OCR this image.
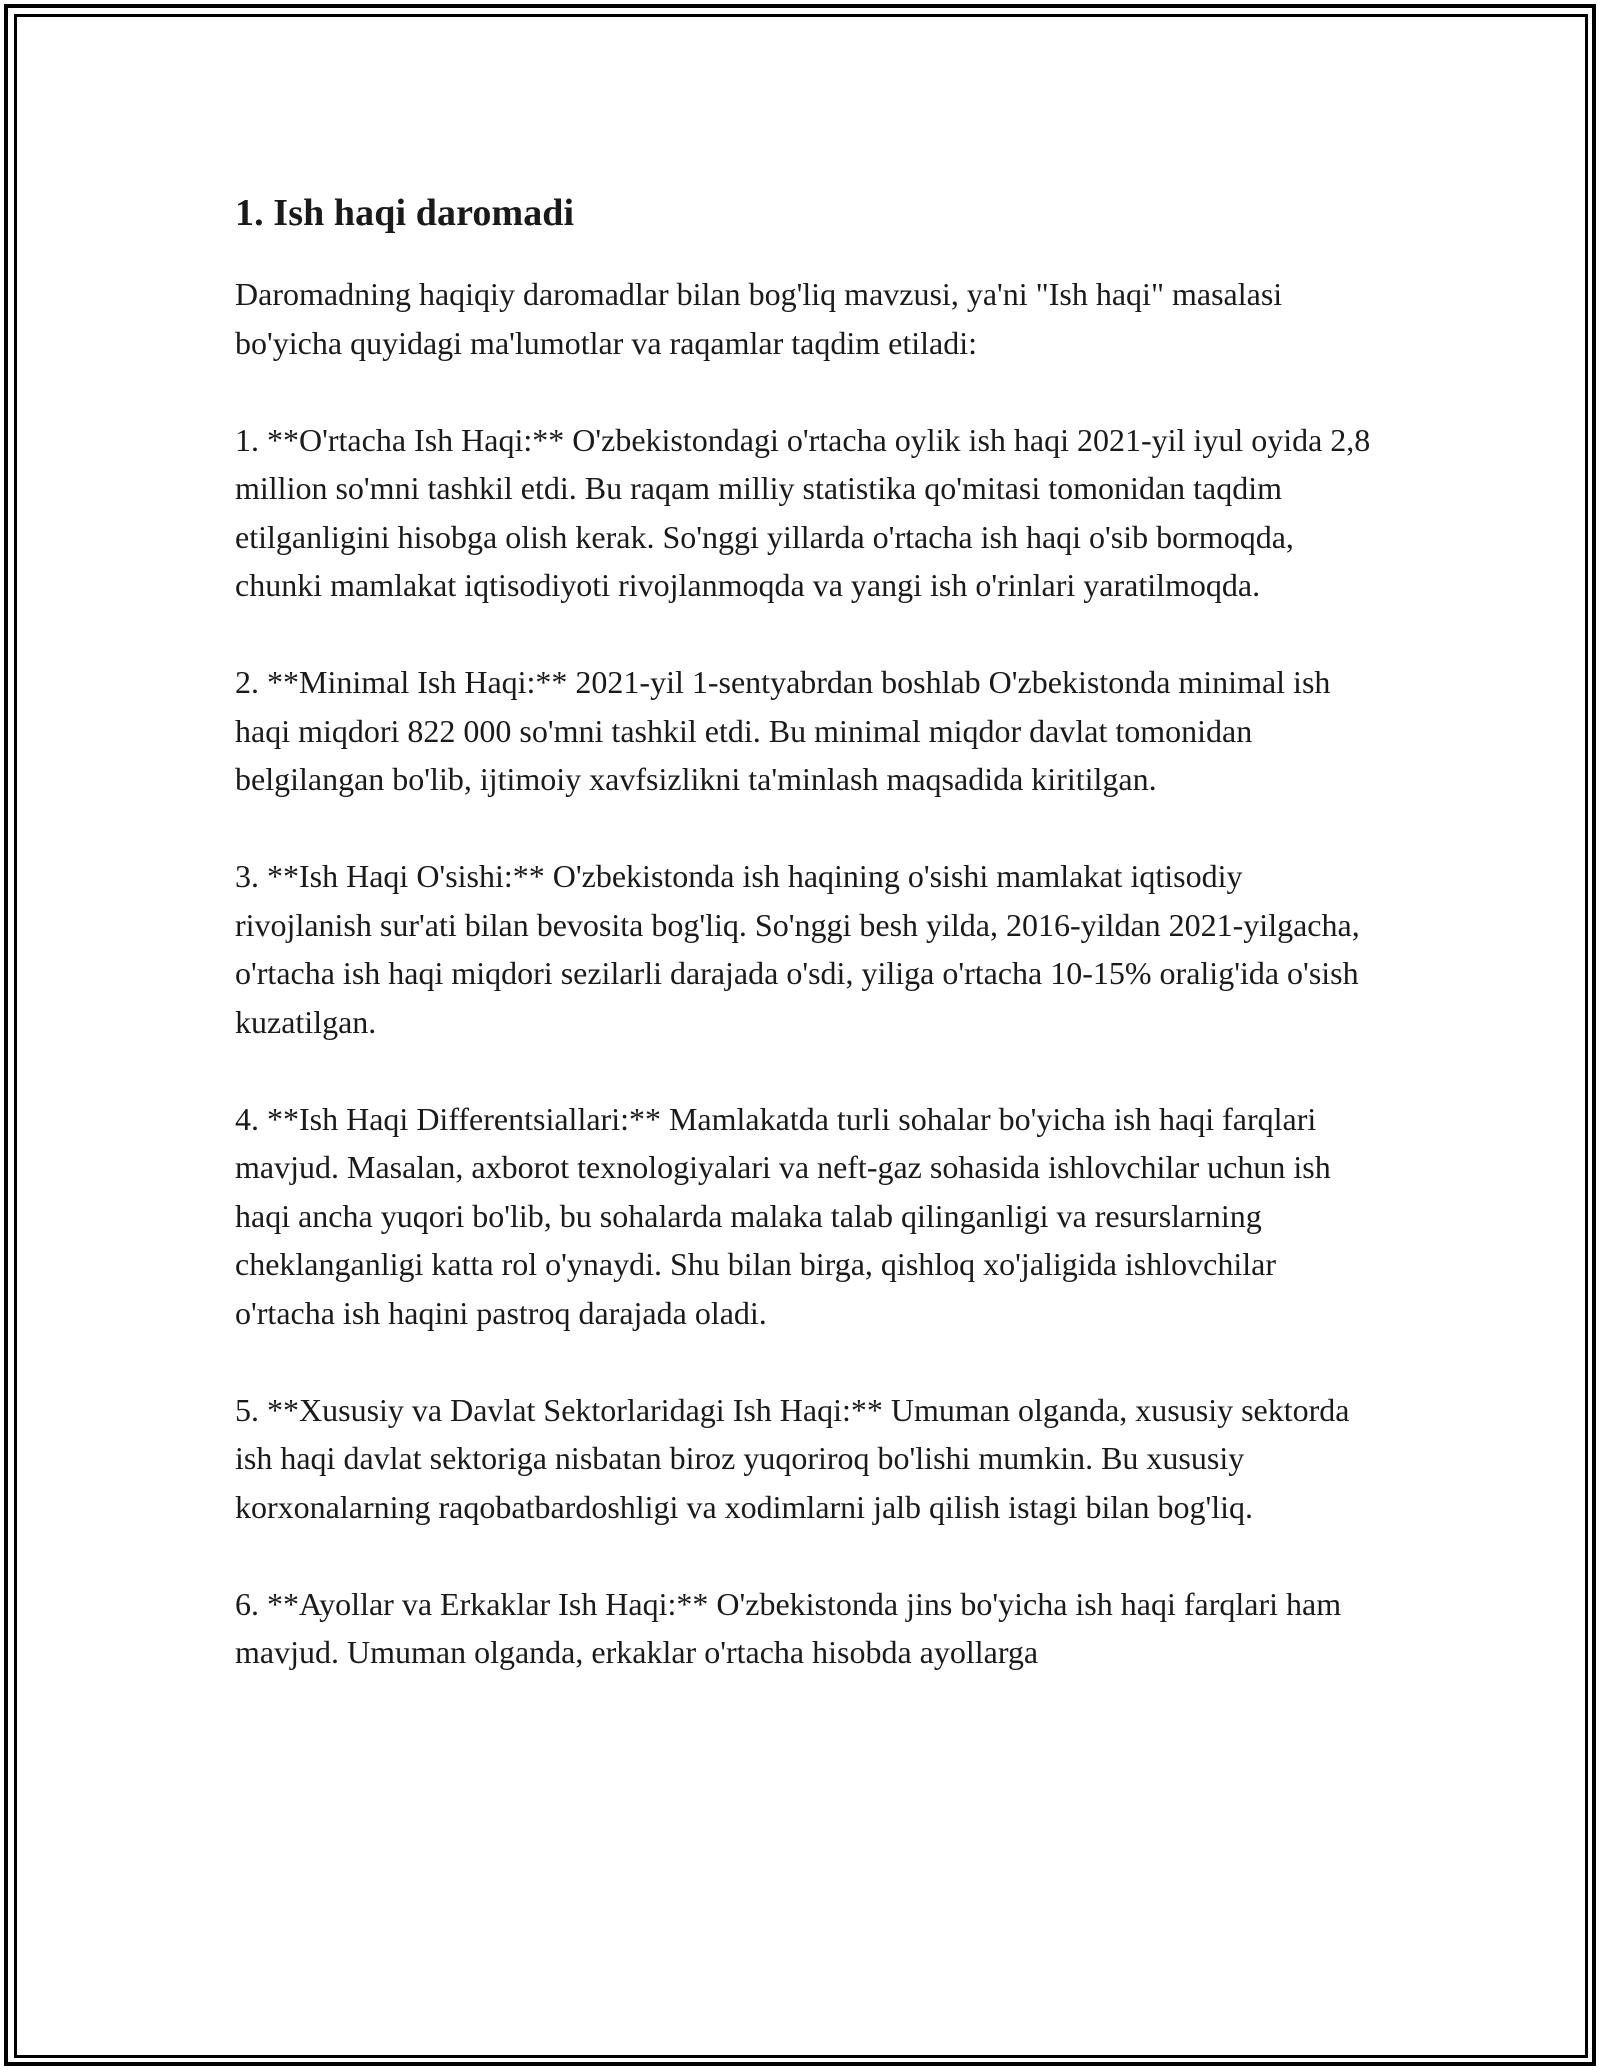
1. Ish haqi daromadi

Daromadning haqiqiy daromadlar bilan bog'liq mavzusi, ya'ni "Ish haqi" masalasi bo'yicha quyidagi ma'lumotlar va raqamlar taqdim etiladi:

1. **O'rtacha Ish Haqi:** O'zbekistondagi o'rtacha oylik ish haqi 2021-yil iyul oyida 2,8 million so'mni tashkil etdi. Bu raqam milliy statistika qo'mitasi tomonidan taqdim etilganligini hisobga olish kerak. So'nggi yillarda o'rtacha ish haqi o'sib bormoqda, chunki mamlakat iqtisodiyoti rivojlanmoqda va yangi ish o'rinlari yaratilmoqda.

2. **Minimal Ish Haqi:** 2021-yil 1-sentyabrdan boshlab O'zbekistonda minimal ish haqi miqdori 822 000 so'mni tashkil etdi. Bu minimal miqdor davlat tomonidan belgilangan bo'lib, ijtimoiy xavfsizlikni ta'minlash maqsadida kiritilgan.

3. **Ish Haqi O'sishi:** O'zbekistonda ish haqining o'sishi mamlakat iqtisodiy rivojlanish sur'ati bilan bevosita bog'liq. So'nggi besh yilda, 2016-yildan 2021-yilgacha, o'rtacha ish haqi miqdori sezilarli darajada o'sdi, yiliga o'rtacha 10-15% oralig'ida o'sish kuzatilgan.

4. **Ish Haqi Differentsiallari:** Mamlakatda turli sohalar bo'yicha ish haqi farqlari mavjud. Masalan, axborot texnologiyalari va neft-gaz sohasida ishlovchilar uchun ish haqi ancha yuqori bo'lib, bu sohalarda malaka talab qilinganligi va resurslarning cheklanganligi katta rol o'ynaydi. Shu bilan birga, qishloq xo'jaligida ishlovchilar o'rtacha ish haqini pastroq darajada oladi.

5. **Xususiy va Davlat Sektorlaridagi Ish Haqi:** Umuman olganda, xususiy sektorda ish haqi davlat sektoriga nisbatan biroz yuqoriroq bo'lishi mumkin. Bu xususiy korxonalarning raqobatbardoshligi va xodimlarni jalb qilish istagi bilan bog'liq.

6. **Ayollar va Erkaklar Ish Haqi:** O'zbekistonda jins bo'yicha ish haqi farqlari ham mavjud. Umuman olganda, erkaklar o'rtacha hisobda ayollarga
